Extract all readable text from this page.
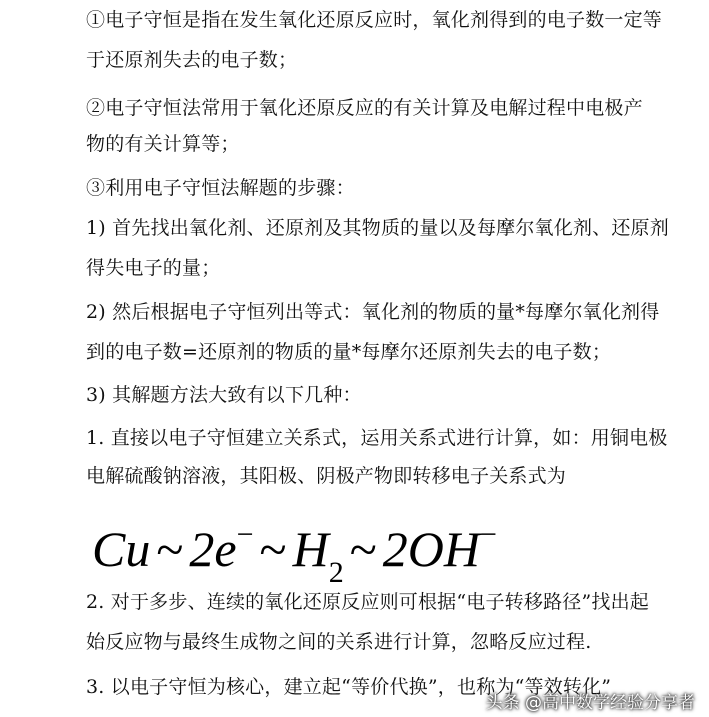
①电子守恒是指在发生氧化还原反应时，氧化剂得到的电子数一定等
于还原剂失去的电子数；
②电子守恒法常用于氧化还原反应的有关计算及电解过程中电极产
物的有关计算等；
③利用电子守恒法解题的步骤：
1) 首先找出氧化剂、还原剂及其物质的量以及每摩尔氧化剂、还原剂
得失电子的量；
2) 然后根据电子守恒列出等式：氧化剂的物质的量*每摩尔氧化剂得
到的电子数=还原剂的物质的量*每摩尔还原剂失去的电子数；
3) 其解题方法大致有以下几种：
1. 直接以电子守恒建立关系式，运用关系式进行计算，如：用铜电极
电解硫酸钠溶液，其阳极、阴极产物即转移电子关系式为
Cu ~ 2e− ~ $H_2$ ~ 2OH−
2. 对于多步、连续的氧化还原反应则可根据“电子转移路径”找出起
始反应物与最终生成物之间的关系进行计算，忽略反应过程.
3. 以电子守恒为核心，建立起“等价代换”，也称为“等效转化”
头条 @高中数学经验分享者
